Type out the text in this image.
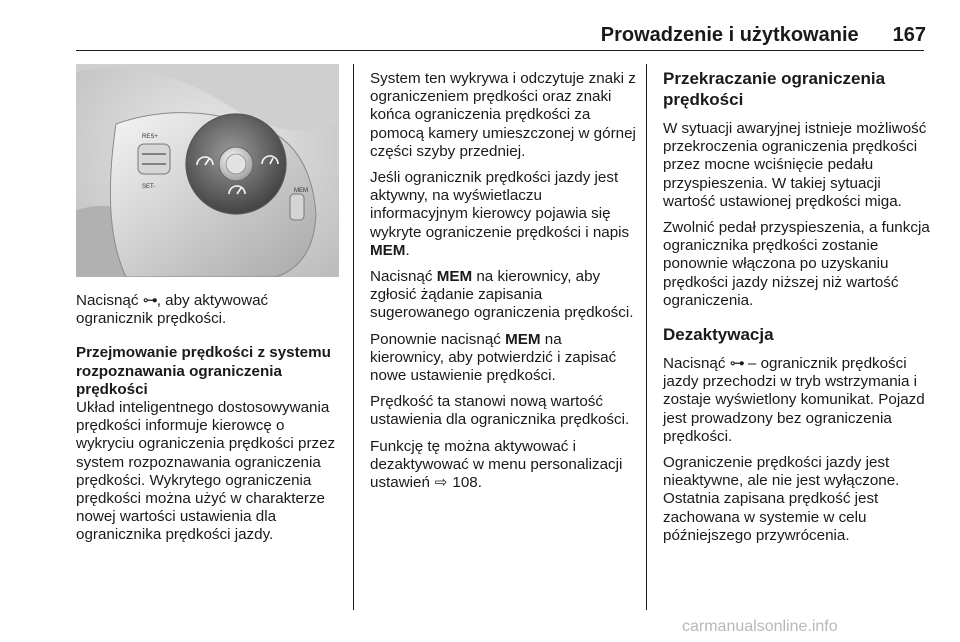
Prowadzenie i użytkowanie 167
RES+
SET-
MEM

Nacisnąć ⊶, aby aktywować ogranicznik prędkości.

Przejmowanie prędkości z systemu rozpoznawania ograniczenia prędkości

Układ inteligentnego dostosowywania prędkości informuje kierowcę o wykryciu ograniczenia prędkości przez system rozpoznawania ograniczenia prędkości. Wykrytego ograniczenia prędkości można użyć w charakterze nowej wartości ustawienia dla ogranicznika prędkości jazdy.

System ten wykrywa i odczytuje znaki z ograniczeniem prędkości oraz znaki końca ograniczenia prędkości za pomocą kamery umieszczonej w górnej części szyby przedniej.

Jeśli ogranicznik prędkości jazdy jest aktywny, na wyświetlaczu informacyjnym kierowcy pojawia się wykryte ograniczenie prędkości i napis MEM.

Nacisnąć MEM na kierownicy, aby zgłosić żądanie zapisania sugerowanego ograniczenia prędkości.

Ponownie nacisnąć MEM na kierownicy, aby potwierdzić i zapisać nowe ustawienie prędkości.

Prędkość ta stanowi nową wartość ustawienia dla ogranicznika prędkości.

Funkcję tę można aktywować i dezaktywować w menu personalizacji ustawień ⇨ 108.

Przekraczanie ograniczenia prędkości

W sytuacji awaryjnej istnieje możliwość przekroczenia ograniczenia prędkości przez mocne wciśnięcie pedału przyspieszenia. W takiej sytuacji wartość ustawionej prędkości miga.

Zwolnić pedał przyspieszenia, a funkcja ogranicznika prędkości zostanie ponownie włączona po uzyskaniu prędkości jazdy niższej niż wartość ograniczenia.

Dezaktywacja

Nacisnąć ⊶ – ogranicznik prędkości jazdy przechodzi w tryb wstrzymania i zostaje wyświetlony komunikat. Pojazd jest prowadzony bez ograniczenia prędkości.

Ograniczenie prędkości jazdy jest nieaktywne, ale nie jest wyłączone. Ostatnia zapisana prędkość jest zachowana w systemie w celu późniejszego przywrócenia.

carmanualsonline.info
